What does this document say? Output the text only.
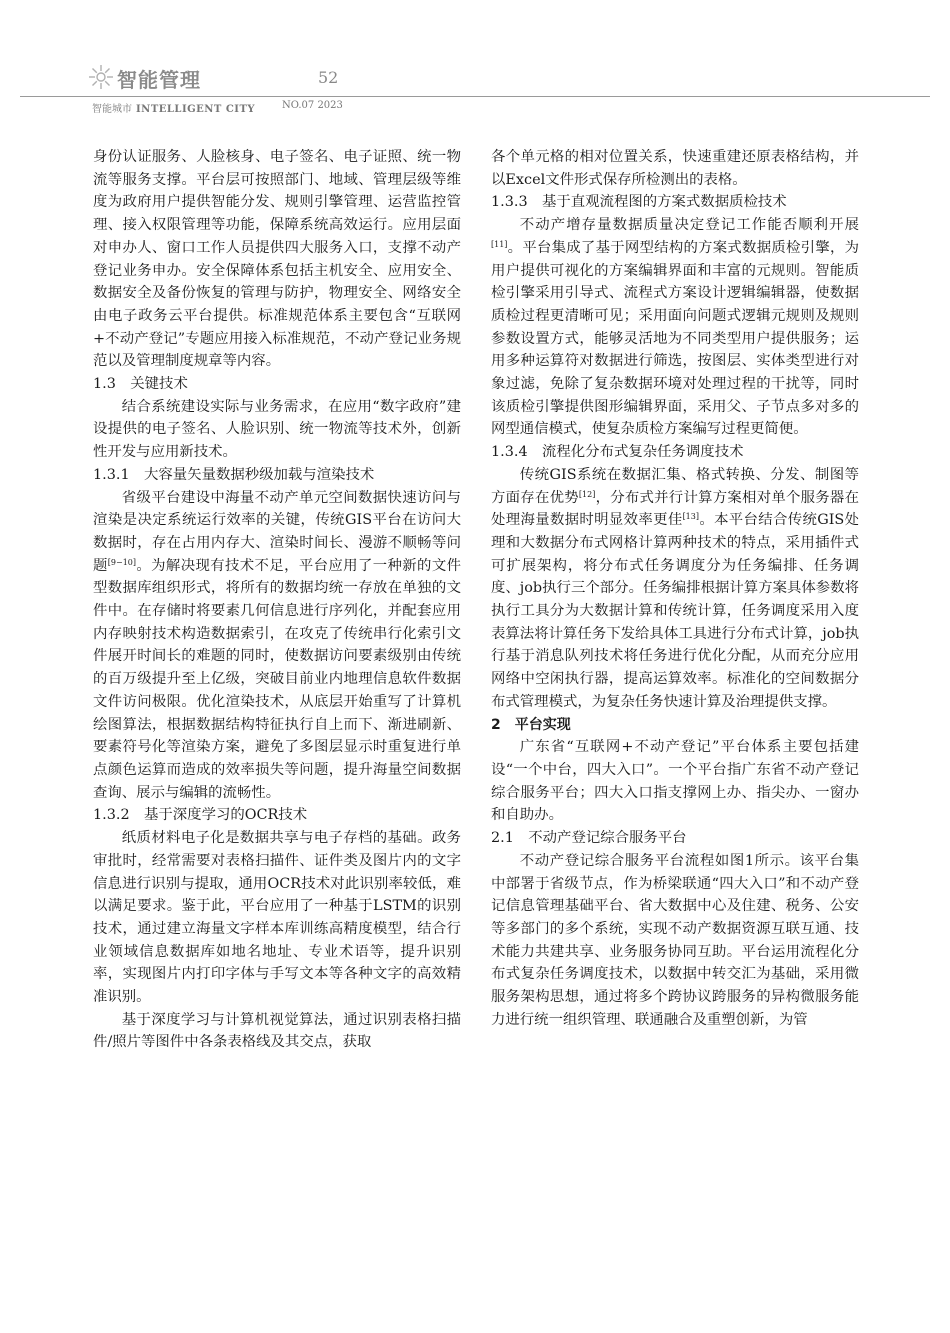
智能管理	52
智能城市 INTELLIGENT CITY	NO.07 2023

身份认证服务、人脸核身、电子签名、电子证照、统一物流等服务支撑。平台层可按照部门、地域、管理层级等维度为政府用户提供智能分发、规则引擎管理、运营监控管理、接入权限管理等功能，保障系统高效运行。应用层面对申办人、窗口工作人员提供四大服务入口，支撑不动产登记业务申办。安全保障体系包括主机安全、应用安全、数据安全及备份恢复的管理与防护，物理安全、网络安全由电子政务云平台提供。标准规范体系主要包含“互联网+不动产登记”专题应用接入标准规范，不动产登记业务规范以及管理制度规章等内容。

1.3　关键技术

结合系统建设实际与业务需求，在应用“数字政府”建设提供的电子签名、人脸识别、统一物流等技术外，创新性开发与应用新技术。

1.3.1　大容量矢量数据秒级加载与渲染技术

省级平台建设中海量不动产单元空间数据快速访问与渲染是决定系统运行效率的关键，传统GIS平台在访问大数据时，存在占用内存大、渲染时间长、漫游不顺畅等问题[9−10]。为解决现有技术不足，平台应用了一种新的文件型数据库组织形式，将所有的数据均统一存放在单独的文件中。在存储时将要素几何信息进行序列化，并配套应用内存映射技术构造数据索引，在攻克了传统串行化索引文件展开时间长的难题的同时，使数据访问要素级别由传统的百万级提升至上亿级，突破目前业内地理信息软件数据文件访问极限。优化渲染技术，从底层开始重写了计算机绘图算法，根据数据结构特征执行自上而下、渐进刷新、要素符号化等渲染方案，避免了多图层显示时重复进行单点颜色运算而造成的效率损失等问题，提升海量空间数据查询、展示与编辑的流畅性。

1.3.2　基于深度学习的OCR技术

纸质材料电子化是数据共享与电子存档的基础。政务审批时，经常需要对表格扫描件、证件类及图片内的文字信息进行识别与提取，通用OCR技术对此识别率较低，难以满足要求。鉴于此，平台应用了一种基于LSTM的识别技术，通过建立海量文字样本库训练高精度模型，结合行业领域信息数据库如地名地址、专业术语等，提升识别率，实现图片内打印字体与手写文本等各种文字的高效精准识别。

基于深度学习与计算机视觉算法，通过识别表格扫描件/照片等图件中各条表格线及其交点，获取

各个单元格的相对位置关系，快速重建还原表格结构，并以Excel文件形式保存所检测出的表格。

1.3.3　基于直观流程图的方案式数据质检技术

不动产增存量数据质量决定登记工作能否顺利开展[11]。平台集成了基于网型结构的方案式数据质检引擎，为用户提供可视化的方案编辑界面和丰富的元规则。智能质检引擎采用引导式、流程式方案设计逻辑编辑器，使数据质检过程更清晰可见；采用面向问题式逻辑元规则及规则参数设置方式，能够灵活地为不同类型用户提供服务；运用多种运算符对数据进行筛选，按图层、实体类型进行对象过滤，免除了复杂数据环境对处理过程的干扰等，同时该质检引擎提供图形编辑界面，采用父、子节点多对多的网型通信模式，使复杂质检方案编写过程更简便。

1.3.4　流程化分布式复杂任务调度技术

传统GIS系统在数据汇集、格式转换、分发、制图等方面存在优势[12]，分布式并行计算方案相对单个服务器在处理海量数据时明显效率更佳[13]。本平台结合传统GIS处理和大数据分布式网格计算两种技术的特点，采用插件式可扩展架构，将分布式任务调度分为任务编排、任务调度、job执行三个部分。任务编排根据计算方案具体参数将执行工具分为大数据计算和传统计算，任务调度采用入度表算法将计算任务下发给具体工具进行分布式计算，job执行基于消息队列技术将任务进行优化分配，从而充分应用网络中空闲执行器，提高运算效率。标准化的空间数据分布式管理模式，为复杂任务快速计算及治理提供支撑。

2　平台实现

广东省“互联网+不动产登记”平台体系主要包括建设“一个中台，四大入口”。一个平台指广东省不动产登记综合服务平台；四大入口指支撑网上办、指尖办、一窗办和自助办。

2.1　不动产登记综合服务平台

不动产登记综合服务平台流程如图1所示。该平台集中部署于省级节点，作为桥梁联通“四大入口”和不动产登记信息管理基础平台、省大数据中心及住建、税务、公安等多部门的多个系统，实现不动产数据资源互联互通、技术能力共建共享、业务服务协同互助。平台运用流程化分布式复杂任务调度技术，以数据中转交汇为基础，采用微服务架构思想，通过将多个跨协议跨服务的异构微服务能力进行统一组织管理、联通融合及重塑创新，为管
